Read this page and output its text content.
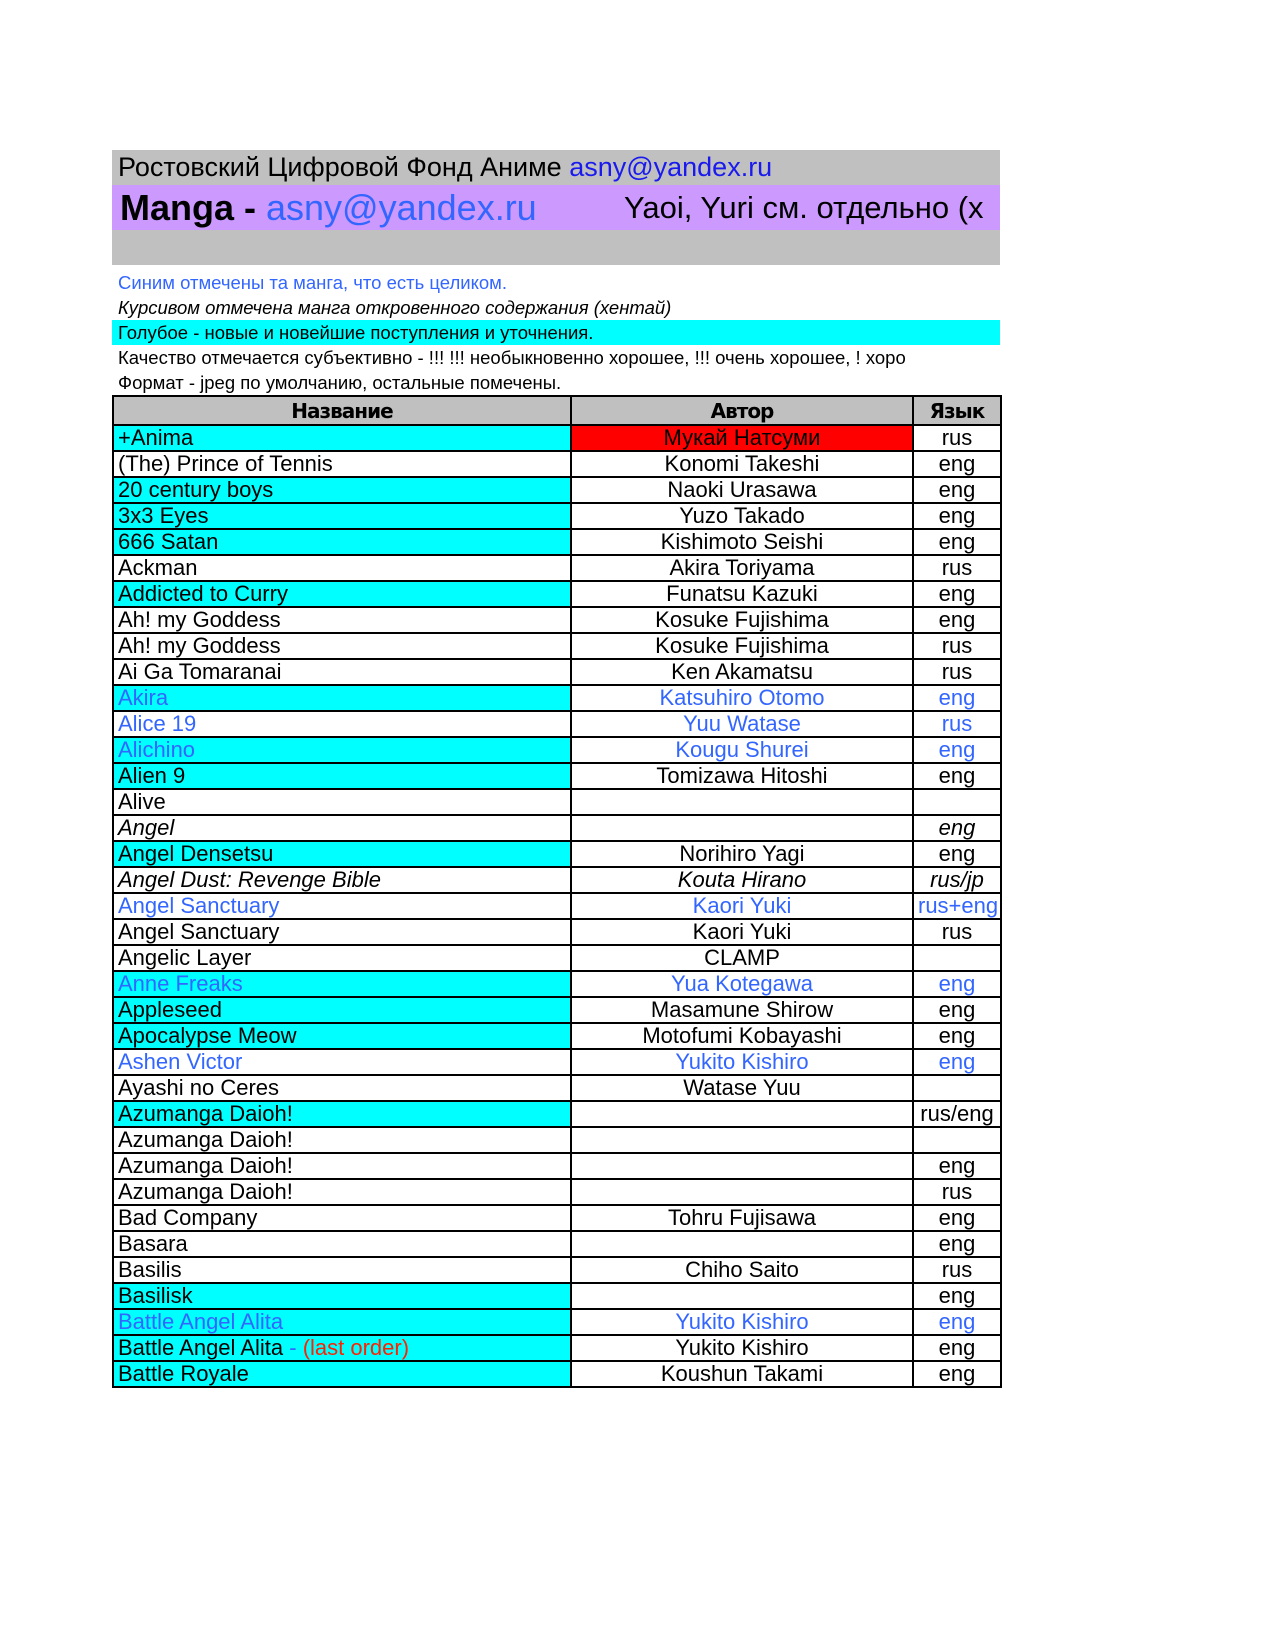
Ростовский Цифровой Фонд Аниме asny@yandex.ru
Manga - asny@yandex.ru	Yaoi, Yuri см. отдельно (х
Синим отмечены та манга, что есть целиком.
Курсивом отмечена манга откровенного содержания (хентай)
Голубое - новые и новейшие поступления и уточнения.
Качество отмечается субъективно - !!! !!! необыкновенно хорошее, !!! очень хорошее, ! хоро
Формат - jpeg по умолчанию, остальные помечены.
Название	Автор	Язык
+Anima	Мукай Натсуми	rus
(The) Prince of Tennis	Konomi Takeshi	eng
20 century boys	Naoki Urasawa	eng
3x3 Eyes	Yuzo Takado	eng
666 Satan	Kishimoto Seishi	eng
Ackman	Akira Toriyama	rus
Addicted to Curry	Funatsu Kazuki	eng
Ah! my Goddess	Kosuke Fujishima	eng
Ah! my Goddess	Kosuke Fujishima	rus
Ai Ga Tomaranai	Ken Akamatsu	rus
Akira	Katsuhiro Otomo	eng
Alice 19	Yuu Watase	rus
Alichino	Kougu Shurei	eng
Alien 9	Tomizawa Hitoshi	eng
Alive		
Angel		eng
Angel Densetsu	Norihiro Yagi	eng
Angel Dust: Revenge Bible	Kouta Hirano	rus/jp
Angel Sanctuary	Kaori Yuki	rus+eng
Angel Sanctuary	Kaori Yuki	rus
Angelic Layer	CLAMP	
Anne Freaks	Yua Kotegawa	eng
Appleseed	Masamune Shirow	eng
Apocalypse Meow	Motofumi Kobayashi	eng
Ashen Victor	Yukito Kishiro	eng
Ayashi no Ceres	Watase Yuu	
Azumanga Daioh!		rus/eng
Azumanga Daioh!		
Azumanga Daioh!		eng
Azumanga Daioh!		rus
Bad Company	Tohru Fujisawa	eng
Basara		eng
Basilis	Chiho Saito	rus
Basilisk		eng
Battle Angel Alita	Yukito Kishiro	eng
Battle Angel Alita - (last order)	Yukito Kishiro	eng
Battle Royale	Koushun Takami	eng
